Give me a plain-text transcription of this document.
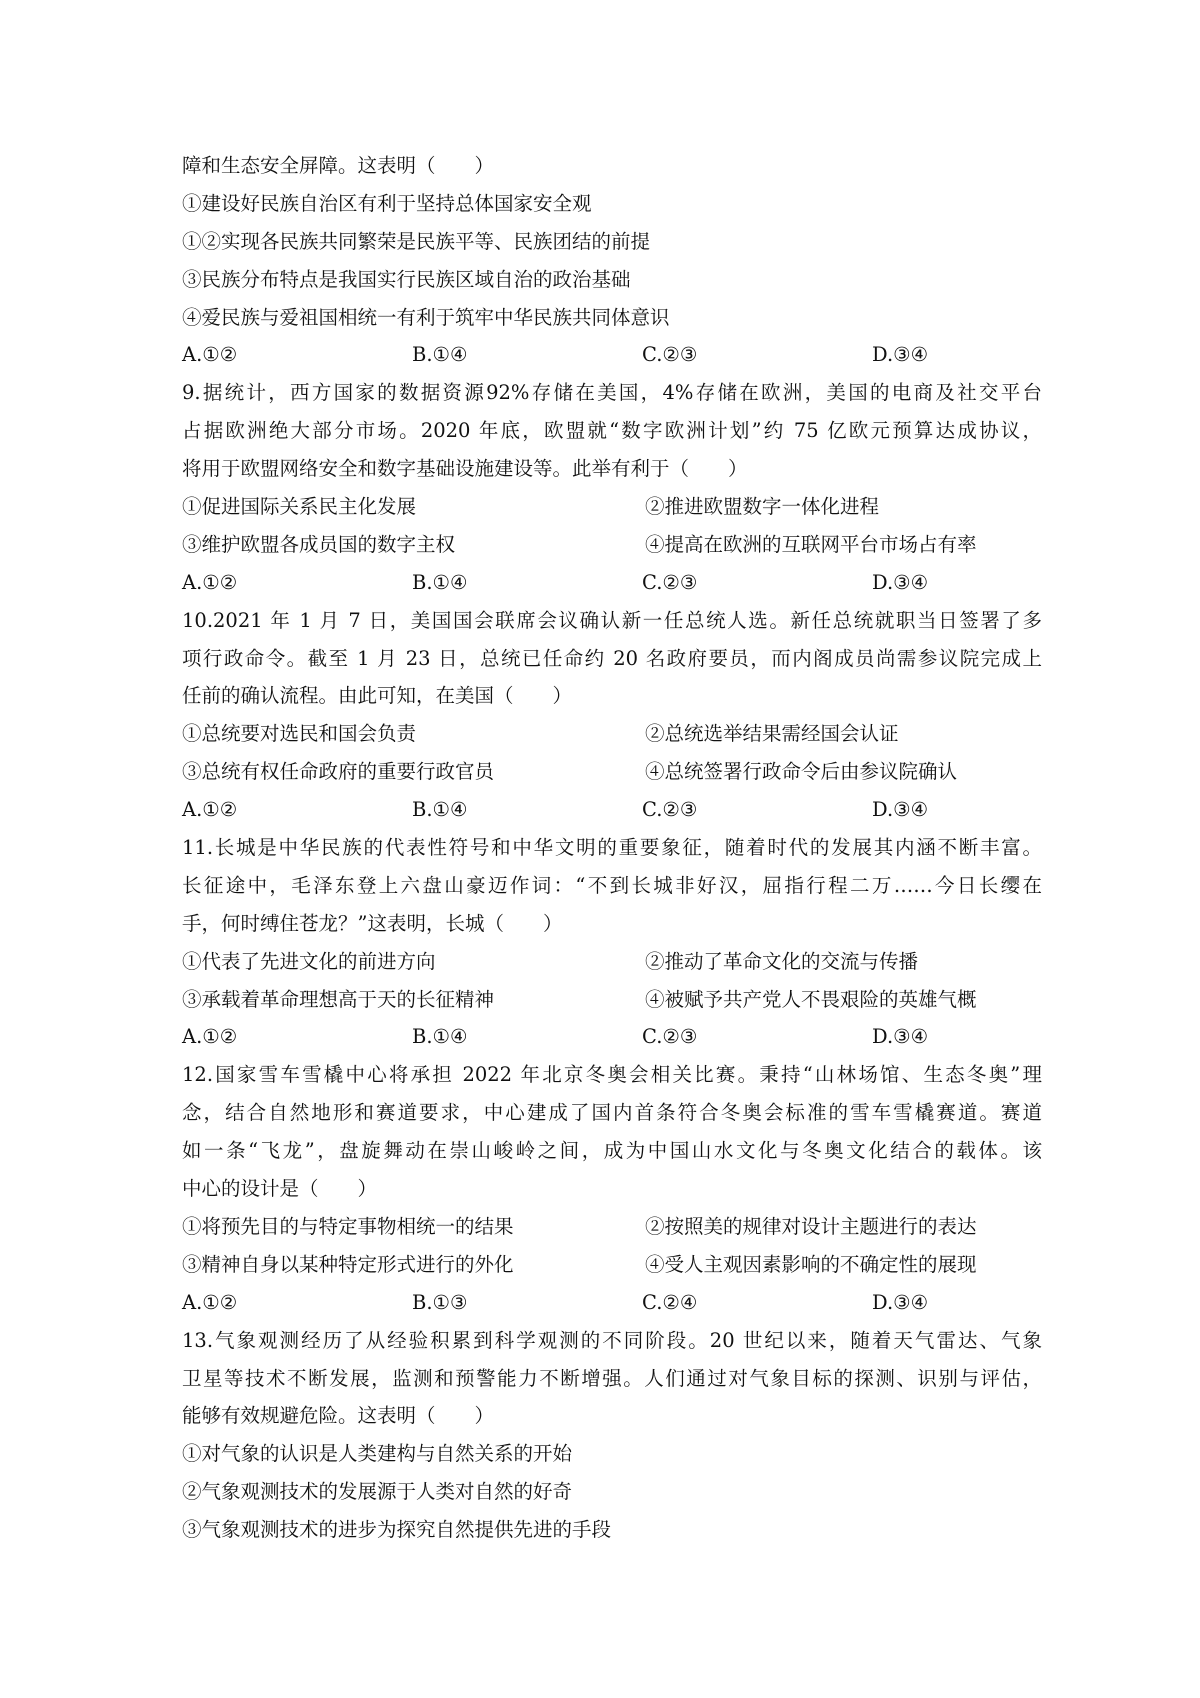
障和生态安全屏障。这表明（　　）
①建设好民族自治区有利于坚持总体国家安全观
①②实现各民族共同繁荣是民族平等、民族团结的前提
③民族分布特点是我国实行民族区域自治的政治基础
④爱民族与爱祖国相统一有利于筑牢中华民族共同体意识
A.①②	B.①④	C.②③	D.③④
9.据统计，西方国家的数据资源92%存储在美国，4%存储在欧洲，美国的电商及社交平台
占据欧洲绝大部分市场。2020 年底，欧盟就“数字欧洲计划”约 75 亿欧元预算达成协议，
将用于欧盟网络安全和数字基础设施建设等。此举有利于（　　）
①促进国际关系民主化发展	②推进欧盟数字一体化进程
③维护欧盟各成员国的数字主权	④提高在欧洲的互联网平台市场占有率
A.①②	B.①④	C.②③	D.③④
10.2021 年 1 月 7 日，美国国会联席会议确认新一任总统人选。新任总统就职当日签署了多
项行政命令。截至 1 月 23 日，总统已任命约 20 名政府要员，而内阁成员尚需参议院完成上
任前的确认流程。由此可知，在美国（　　）
①总统要对选民和国会负责	②总统选举结果需经国会认证
③总统有权任命政府的重要行政官员	④总统签署行政命令后由参议院确认
A.①②	B.①④	C.②③	D.③④
11.长城是中华民族的代表性符号和中华文明的重要象征，随着时代的发展其内涵不断丰富。
长征途中，毛泽东登上六盘山豪迈作词：“不到长城非好汉，屈指行程二万……今日长缨在
手，何时缚住苍龙？”这表明，长城（　　）
①代表了先进文化的前进方向	②推动了革命文化的交流与传播
③承载着革命理想高于天的长征精神	④被赋予共产党人不畏艰险的英雄气概
A.①②	B.①④	C.②③	D.③④
12.国家雪车雪橇中心将承担 2022 年北京冬奥会相关比赛。秉持“山林场馆、生态冬奥”理
念，结合自然地形和赛道要求，中心建成了国内首条符合冬奥会标准的雪车雪橇赛道。赛道
如一条“飞龙”，盘旋舞动在崇山峻岭之间，成为中国山水文化与冬奥文化结合的载体。该
中心的设计是（　　）
①将预先目的与特定事物相统一的结果	②按照美的规律对设计主题进行的表达
③精神自身以某种特定形式进行的外化	④受人主观因素影响的不确定性的展现
A.①②	B.①③	C.②④	D.③④
13.气象观测经历了从经验积累到科学观测的不同阶段。20 世纪以来，随着天气雷达、气象
卫星等技术不断发展，监测和预警能力不断增强。人们通过对气象目标的探测、识别与评估，
能够有效规避危险。这表明（　　）
①对气象的认识是人类建构与自然关系的开始
②气象观测技术的发展源于人类对自然的好奇
③气象观测技术的进步为探究自然提供先进的手段
